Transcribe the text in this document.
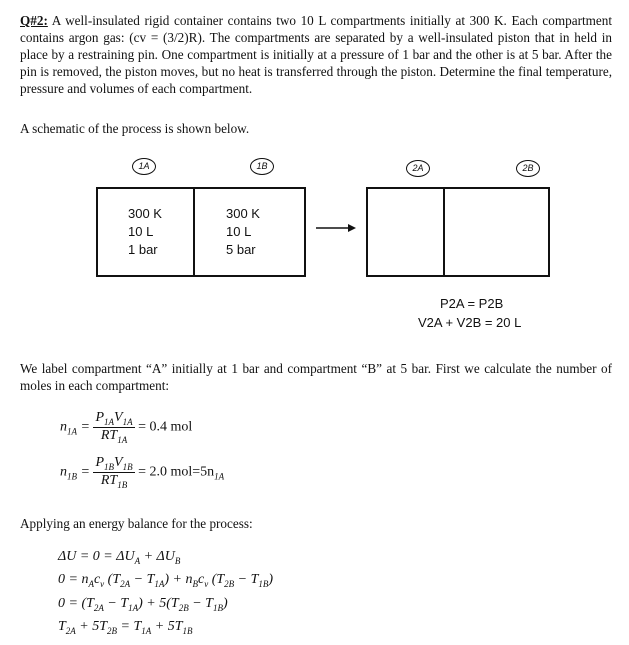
Q#2: A well-insulated rigid container contains two 10 L compartments initially at 300 K. Each compartment contains argon gas: (cv = (3/2)R). The compartments are separated by a well-insulated piston that in held in place by a restraining pin. One compartment is initially at a pressure of 1 bar and the other is at 5 bar. After the pin is removed, the piston moves, but no heat is transferred through the piston. Determine the final temperature, pressure and volumes of each compartment.
A schematic of the process is shown below.
300 K
10 L
1 bar
300 K
10 L
5 bar
1A	1B	2A	2B
P2A = P2B
V2A + V2B = 20 L
We label compartment “A” initially at 1 bar and compartment “B” at 5 bar. First we calculate the number of moles in each compartment:
$n_{1A} = \frac{P_{1A}V_{1A}}{RT_{1A}} = 0.4$ mol
$n_{1B} = \frac{P_{1B}V_{1B}}{RT_{1B}} = 2.0$ $mol=5n_{1A}$
Applying an energy balance for the process:
$\Delta U = 0 = \Delta U_A + \Delta U_B$
$0 = n_Ac_v$ $(T_{2A} - T_{1A}) + n_Bc_v$ $(T_{2B} - T_{1B})$
$0 = (T_{2A} - T_{1A}) + 5(T_{2B} - T_{1B})$
$T_{2A} + 5T_{2B} = T_{1A} + 5T_{1B}$
